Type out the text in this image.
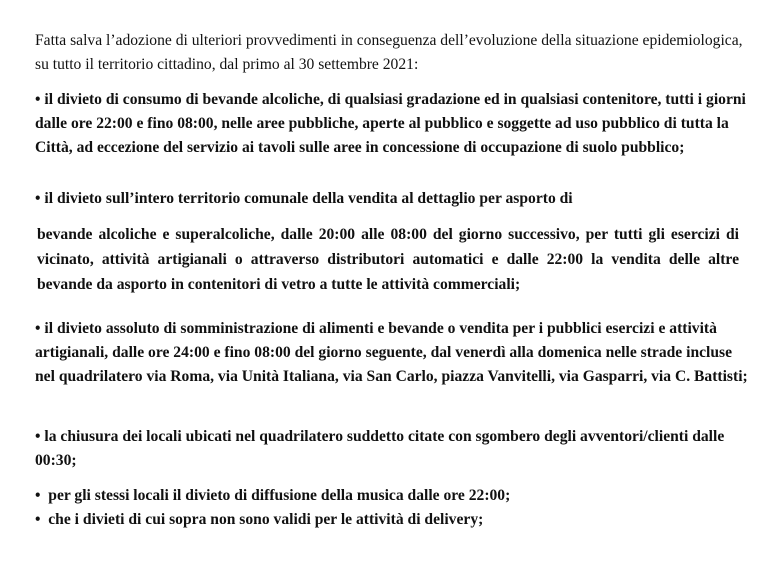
Fatta salva l’adozione di ulteriori provvedimenti in conseguenza dell’evoluzione della situazione epidemiologica, su tutto il territorio cittadino, dal primo al 30 settembre 2021:

• il divieto di consumo di bevande alcoliche, di qualsiasi gradazione ed in qualsiasi contenitore, tutti i giorni dalle ore 22:00 e fino 08:00, nelle aree pubbliche, aperte al pubblico e soggette ad uso pubblico di tutta la Città, ad eccezione del servizio ai tavoli sulle aree in concessione di occupazione di suolo pubblico;

• il divieto sull’intero territorio comunale della vendita al dettaglio per asporto di

bevande alcoliche e superalcoliche, dalle 20:00 alle 08:00 del giorno successivo, per tutti gli esercizi di vicinato, attività artigianali o attraverso distributori automatici e dalle 22:00 la vendita delle altre bevande da asporto in contenitori di vetro a tutte le attività commerciali;

• il divieto assoluto di somministrazione di alimenti e bevande o vendita per i pubblici esercizi e attività artigianali, dalle ore 24:00 e fino 08:00 del giorno seguente, dal venerdì alla domenica nelle strade incluse nel quadrilatero via Roma, via Unità Italiana, via San Carlo, piazza Vanvitelli, via Gasparri, via C. Battisti;

• la chiusura dei locali ubicati nel quadrilatero suddetto citate con sgombero degli avventori/clienti dalle 00:30;

• per gli stessi locali il divieto di diffusione della musica dalle ore 22:00;

• che i divieti di cui sopra non sono validi per le attività di delivery;
